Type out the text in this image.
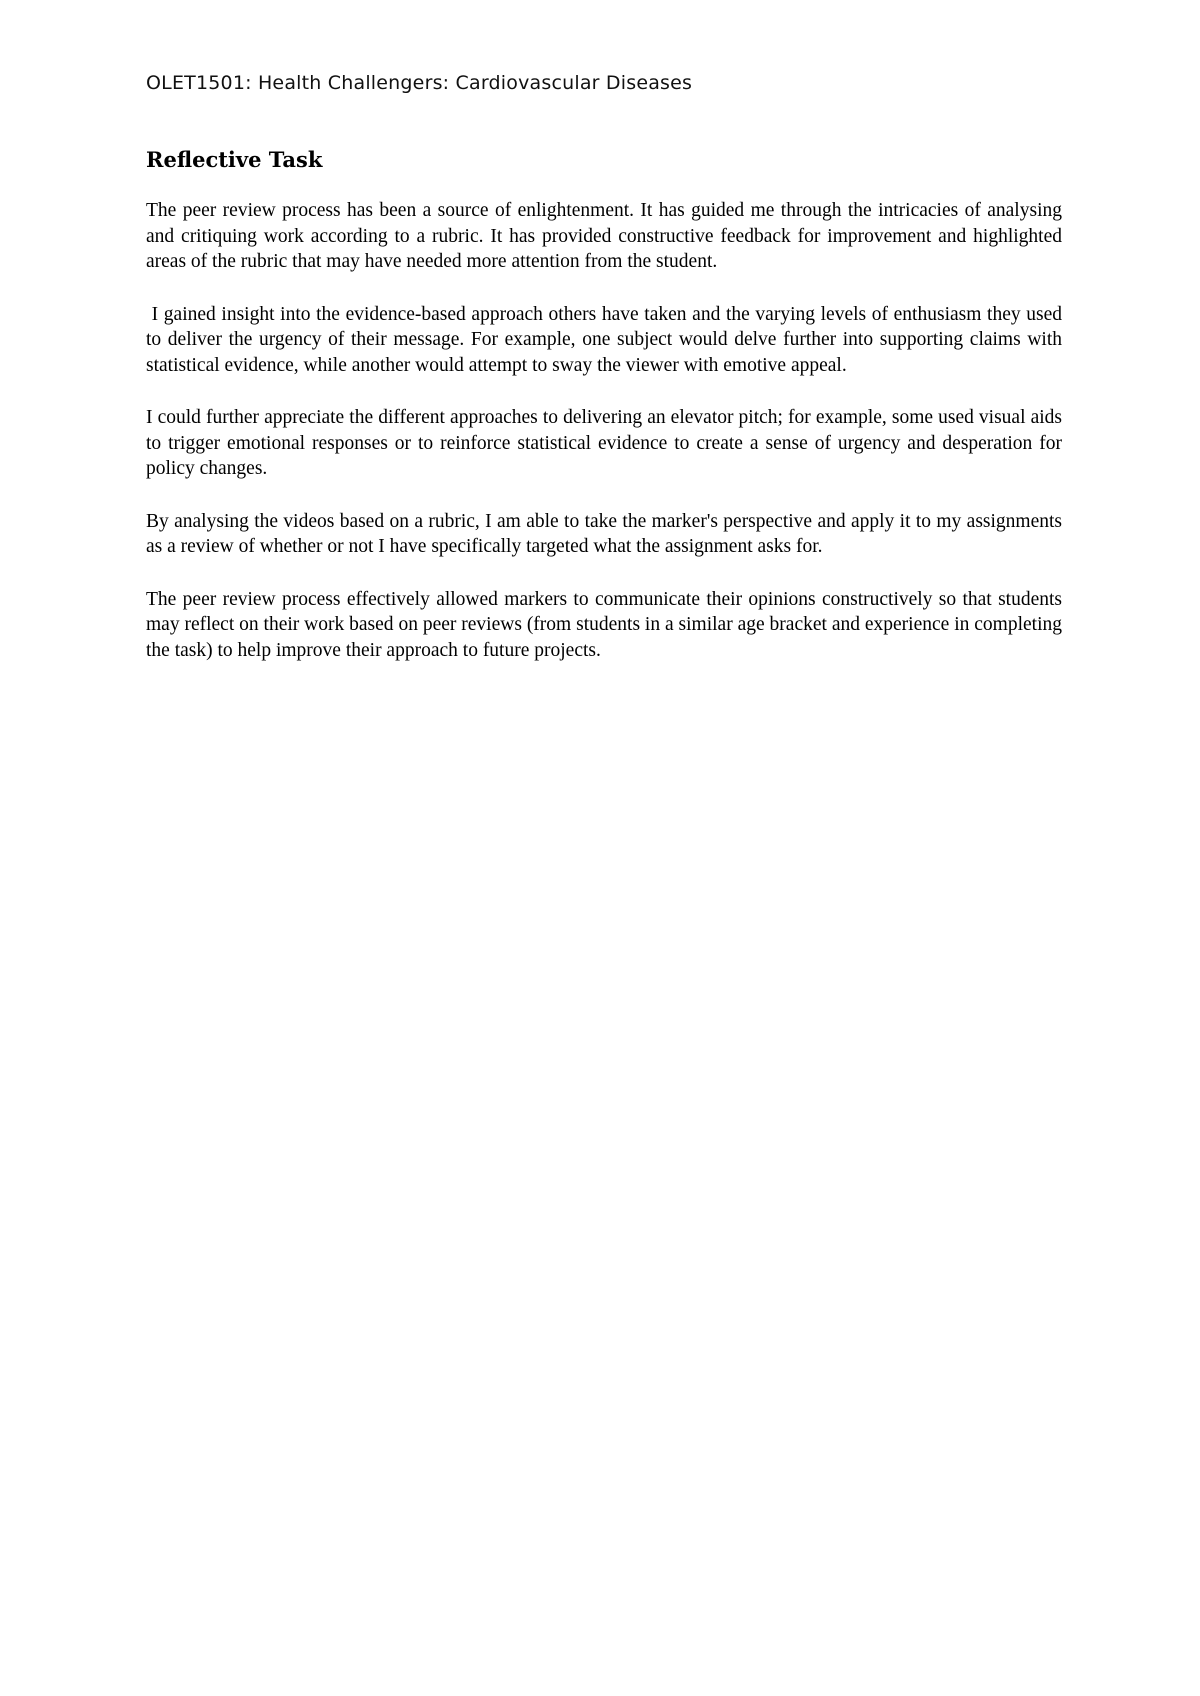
OLET1501: Health Challengers: Cardiovascular Diseases
Reflective Task

The peer review process has been a source of enlightenment. It has guided me through the intricacies of analysing and critiquing work according to a rubric. It has provided constructive feedback for improvement and highlighted areas of the rubric that may have needed more attention from the student.

I gained insight into the evidence-based approach others have taken and the varying levels of enthusiasm they used to deliver the urgency of their message. For example, one subject would delve further into supporting claims with statistical evidence, while another would attempt to sway the viewer with emotive appeal.

I could further appreciate the different approaches to delivering an elevator pitch; for example, some used visual aids to trigger emotional responses or to reinforce statistical evidence to create a sense of urgency and desperation for policy changes.

By analysing the videos based on a rubric, I am able to take the marker's perspective and apply it to my assignments as a review of whether or not I have specifically targeted what the assignment asks for.

The peer review process effectively allowed markers to communicate their opinions constructively so that students may reflect on their work based on peer reviews (from students in a similar age bracket and experience in completing the task) to help improve their approach to future projects.
